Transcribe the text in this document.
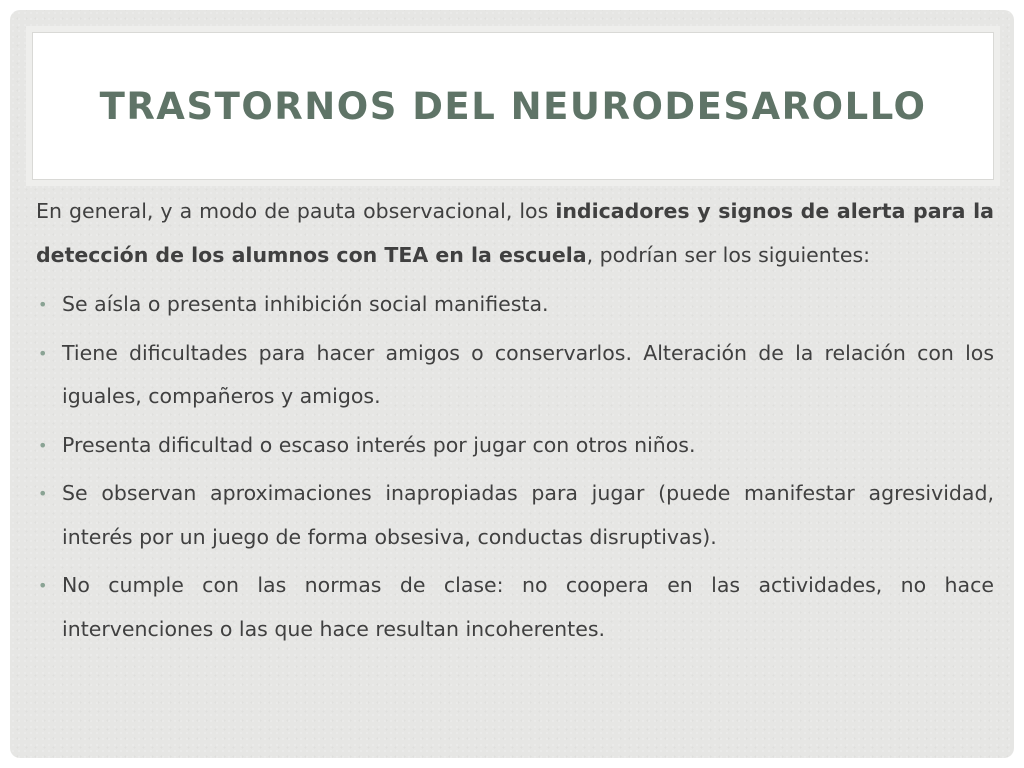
TRASTORNOS DEL NEURODESAROLLO

En general, y a modo de pauta observacional, los indicadores y signos de alerta para la detección de los alumnos con TEA en la escuela, podrían ser los siguientes:

• Se aísla o presenta inhibición social manifiesta.
• Tiene dificultades para hacer amigos o conservarlos. Alteración de la relación con los iguales, compañeros y amigos.
• Presenta dificultad o escaso interés por jugar con otros niños.
• Se observan aproximaciones inapropiadas para jugar (puede manifestar agresividad, interés por un juego de forma obsesiva, conductas disruptivas).
• No cumple con las normas de clase: no coopera en las actividades, no hace intervenciones o las que hace resultan incoherentes.
